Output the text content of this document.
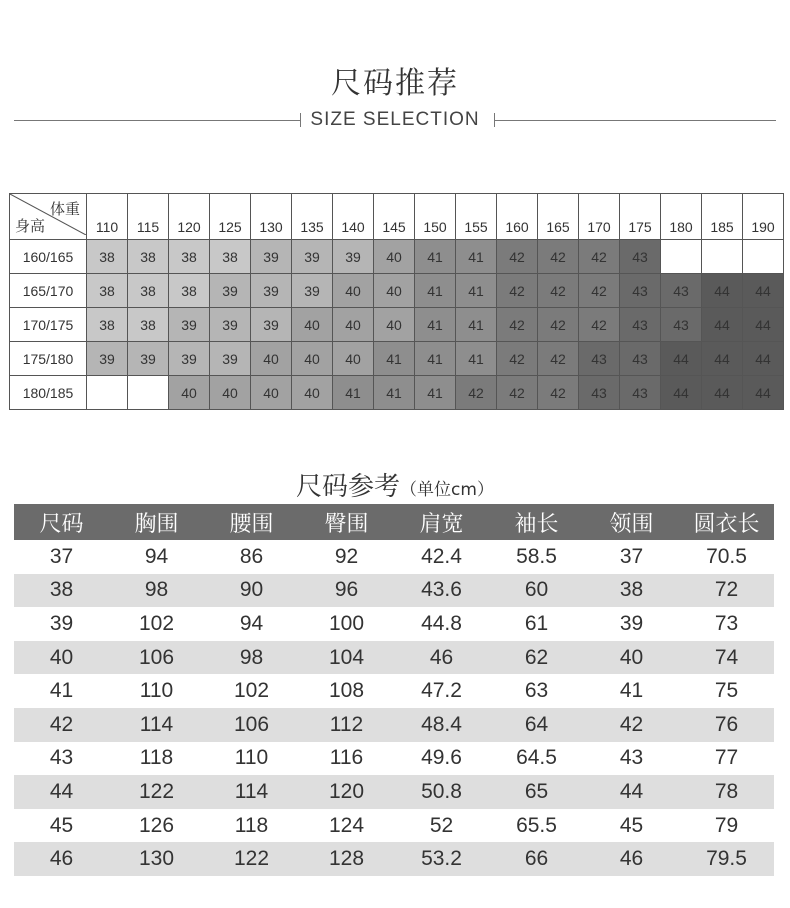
尺码推荐
SIZE SELECTION
体重
身高	110	115	120	125	130	135	140	145	150	155	160	165	170	175	180	185	190
160/165	38	38	38	38	39	39	39	40	41	41	42	42	42	43			
165/170	38	38	38	39	39	39	40	40	41	41	42	42	42	43	43	44	44
170/175	38	38	39	39	39	40	40	40	41	41	42	42	42	43	43	44	44
175/180	39	39	39	39	40	40	40	41	41	41	42	42	43	43	44	44	44
180/185			40	40	40	40	41	41	41	42	42	42	43	43	44	44	44
尺码参考（单位cm）
尺码	胸围	腰围	臀围	肩宽	袖长	领围	圆衣长
37	94	86	92	42.4	58.5	37	70.5
38	98	90	96	43.6	60	38	72
39	102	94	100	44.8	61	39	73
40	106	98	104	46	62	40	74
41	110	102	108	47.2	63	41	75
42	114	106	112	48.4	64	42	76
43	118	110	116	49.6	64.5	43	77
44	122	114	120	50.8	65	44	78
45	126	118	124	52	65.5	45	79
46	130	122	128	53.2	66	46	79.5
